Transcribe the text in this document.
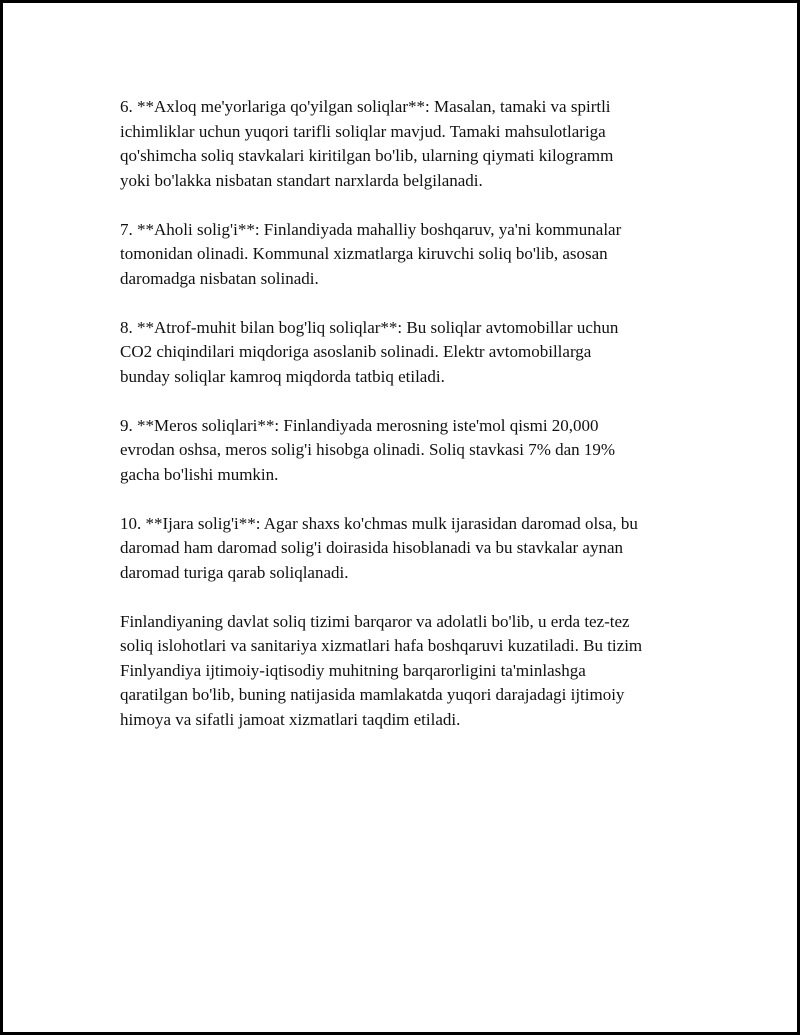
6. **Axloq me'yorlariga qo'yilgan soliqlar**: Masalan, tamaki va spirtli
ichimliklar uchun yuqori tarifli soliqlar mavjud. Tamaki mahsulotlariga
qo'shimcha soliq stavkalari kiritilgan bo'lib, ularning qiymati kilogramm
yoki bo'lakka nisbatan standart narxlarda belgilanadi.

7. **Aholi solig'i**: Finlandiyada mahalliy boshqaruv, ya'ni kommunalar
tomonidan olinadi. Kommunal xizmatlarga kiruvchi soliq bo'lib, asosan
daromadga nisbatan solinadi.

8. **Atrof-muhit bilan bog'liq soliqlar**: Bu soliqlar avtomobillar uchun
CO2 chiqindilari miqdoriga asoslanib solinadi. Elektr avtomobillarga
bunday soliqlar kamroq miqdorda tatbiq etiladi.

9. **Meros soliqlari**: Finlandiyada merosning iste'mol qismi 20,000
evrodan oshsa, meros solig'i hisobga olinadi. Soliq stavkasi 7% dan 19%
gacha bo'lishi mumkin.

10. **Ijara solig'i**: Agar shaxs ko'chmas mulk ijarasidan daromad olsa, bu
daromad ham daromad solig'i doirasida hisoblanadi va bu stavkalar aynan
daromad turiga qarab soliqlanadi.

Finlandiyaning davlat soliq tizimi barqaror va adolatli bo'lib, u erda tez-tez
soliq islohotlari va sanitariya xizmatlari hafa boshqaruvi kuzatiladi. Bu tizim
Finlyandiya ijtimoiy-iqtisodiy muhitning barqarorligini ta'minlashga
qaratilgan bo'lib, buning natijasida mamlakatda yuqori darajadagi ijtimoiy
himoya va sifatli jamoat xizmatlari taqdim etiladi.
